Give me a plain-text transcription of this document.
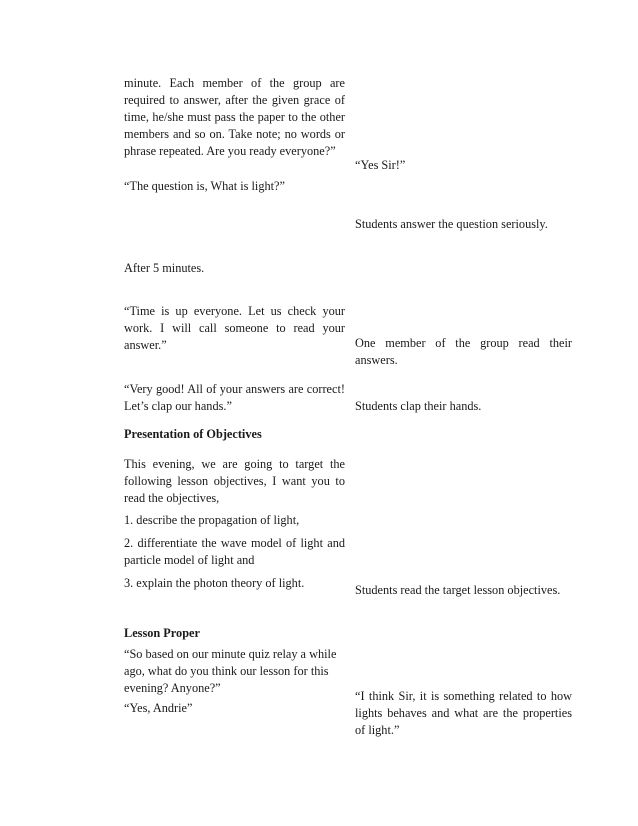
minute. Each member of the group are required to answer, after the given grace of time, he/she must pass the paper to the other members and so on. Take note; no words or phrase repeated. Are you ready everyone?”

“The question is, What is light?”

After 5 minutes.

“Time is up everyone. Let us check your work. I will call someone to read your answer.”

“Very good! All of your answers are correct! Let’s clap our hands.”

Presentation of Objectives

This evening, we are going to target the following lesson objectives, I want you to read the objectives,

1. describe the propagation of light,

2. differentiate the wave model of light and particle model of light and

3. explain the photon theory of light.

Lesson Proper

“So based on our minute quiz relay a while ago, what do you think our lesson for this evening? Anyone?”

“Yes, Andrie”

“Yes Sir!”

Students answer the question seriously.

One member of the group read their answers.

Students clap their hands.

Students read the target lesson objectives.

“I think Sir, it is something related to how lights behaves and what are the properties of light.”
